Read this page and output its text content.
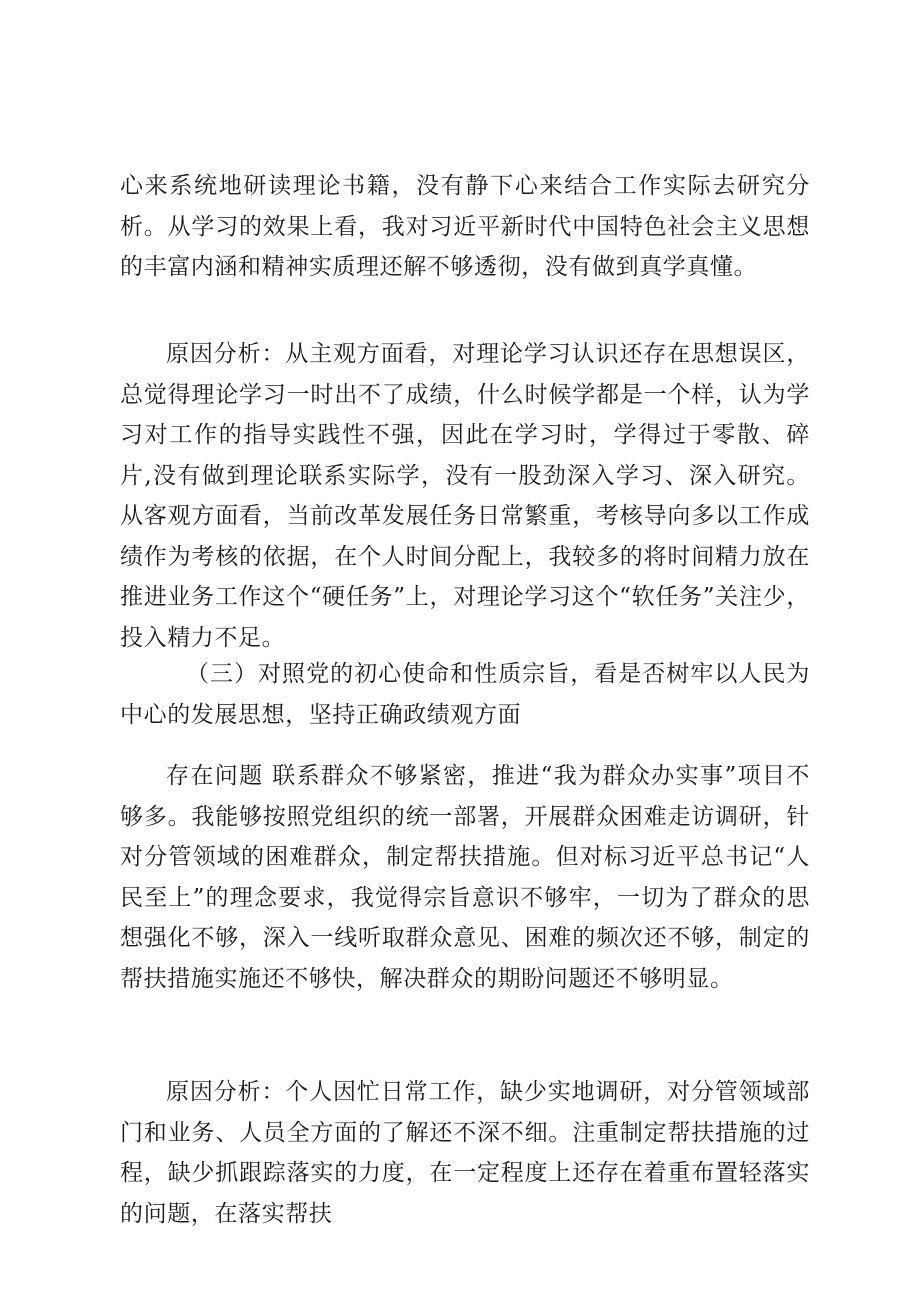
心来系统地研读理论书籍，没有静下心来结合工作实际去研究分析。从学习的效果上看，我对习近平新时代中国特色社会主义思想的丰富内涵和精神实质理还解不够透彻，没有做到真学真懂。

原因分析：从主观方面看，对理论学习认识还存在思想误区，总觉得理论学习一时出不了成绩，什么时候学都是一个样，认为学习对工作的指导实践性不强，因此在学习时，学得过于零散、碎片,没有做到理论联系实际学，没有一股劲深入学习、深入研究。从客观方面看，当前改革发展任务日常繁重，考核导向多以工作成绩作为考核的依据，在个人时间分配上，我较多的将时间精力放在推进业务工作这个“硬任务”上，对理论学习这个“软任务”关注少，投入精力不足。

（三）对照党的初心使命和性质宗旨，看是否树牢以人民为中心的发展思想，坚持正确政绩观方面

存在问题 联系群众不够紧密，推进“我为群众办实事”项目不够多。我能够按照党组织的统一部署，开展群众困难走访调研，针对分管领域的困难群众，制定帮扶措施。但对标习近平总书记“人民至上”的理念要求，我觉得宗旨意识不够牢，一切为了群众的思想强化不够，深入一线听取群众意见、困难的频次还不够，制定的帮扶措施实施还不够快，解决群众的期盼问题还不够明显。

原因分析：个人因忙日常工作，缺少实地调研，对分管领域部门和业务、人员全方面的了解还不深不细。注重制定帮扶措施的过程，缺少抓跟踪落实的力度，在一定程度上还存在着重布置轻落实的问题，在落实帮扶
